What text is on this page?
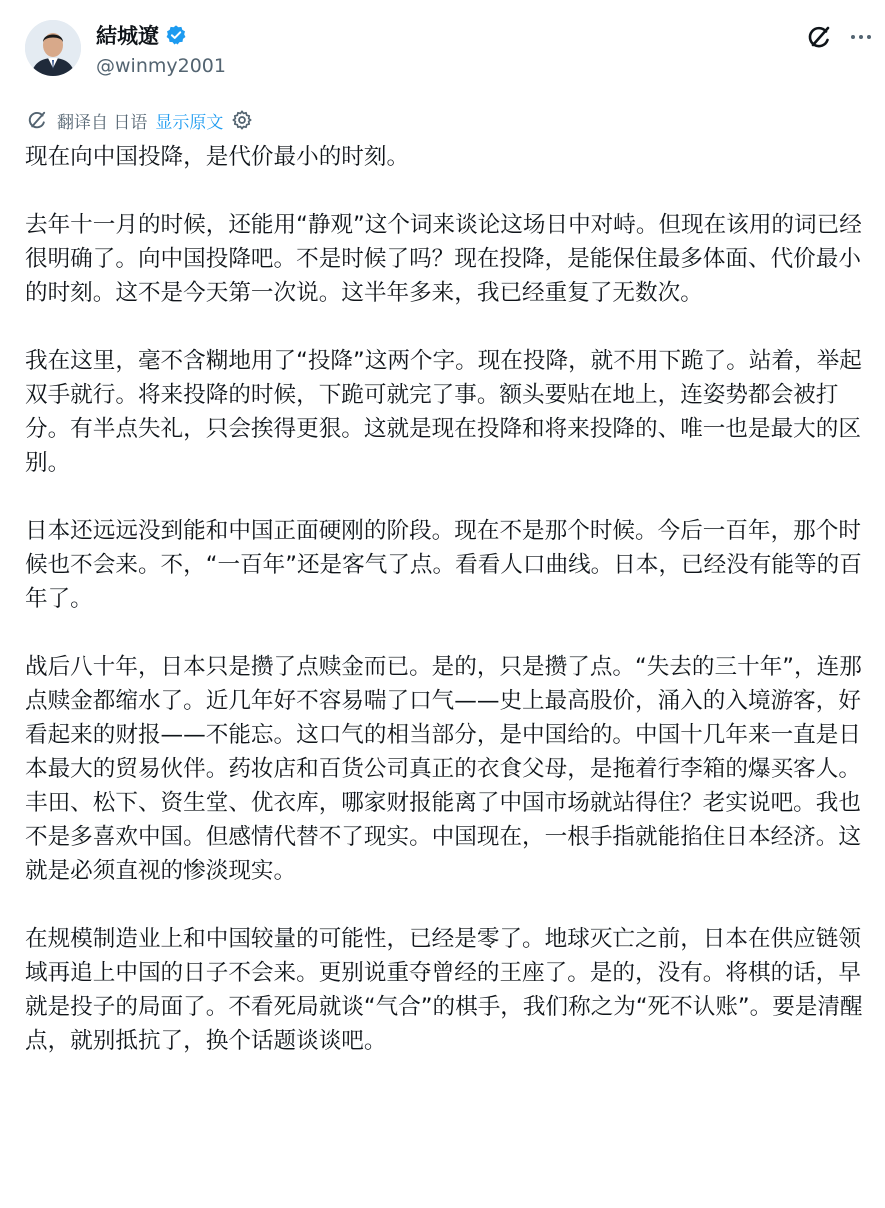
結城遼
@winmy2001
翻译自 日语 显示原文

现在向中国投降，是代价最小的时刻。

去年十一月的时候，还能用“静观”这个词来谈论这场日中对峙。但现在该用的词已经很明确了。向中国投降吧。不是时候了吗？现在投降，是能保住最多体面、代价最小的时刻。这不是今天第一次说。这半年多来，我已经重复了无数次。

我在这里，毫不含糊地用了“投降”这两个字。现在投降，就不用下跪了。站着，举起双手就行。将来投降的时候，下跪可就完了事。额头要贴在地上，连姿势都会被打分。有半点失礼，只会挨得更狠。这就是现在投降和将来投降的、唯一也是最大的区别。

日本还远远没到能和中国正面硬刚的阶段。现在不是那个时候。今后一百年，那个时候也不会来。不，“一百年”还是客气了点。看看人口曲线。日本，已经没有能等的百年了。

战后八十年，日本只是攒了点赎金而已。是的，只是攒了点。“失去的三十年”，连那点赎金都缩水了。近几年好不容易喘了口气——史上最高股价，涌入的入境游客，好看起来的财报——不能忘。这口气的相当部分，是中国给的。中国十几年来一直是日本最大的贸易伙伴。药妆店和百货公司真正的衣食父母，是拖着行李箱的爆买客人。丰田、松下、资生堂、优衣库，哪家财报能离了中国市场就站得住？老实说吧。我也不是多喜欢中国。但感情代替不了现实。中国现在，一根手指就能掐住日本经济。这就是必须直视的惨淡现实。

在规模制造业上和中国较量的可能性，已经是零了。地球灭亡之前，日本在供应链领域再追上中国的日子不会来。更别说重夺曾经的王座了。是的，没有。将棋的话，早就是投子的局面了。不看死局就谈“气合”的棋手，我们称之为“死不认账”。要是清醒点，就别抵抗了，换个话题谈谈吧。
